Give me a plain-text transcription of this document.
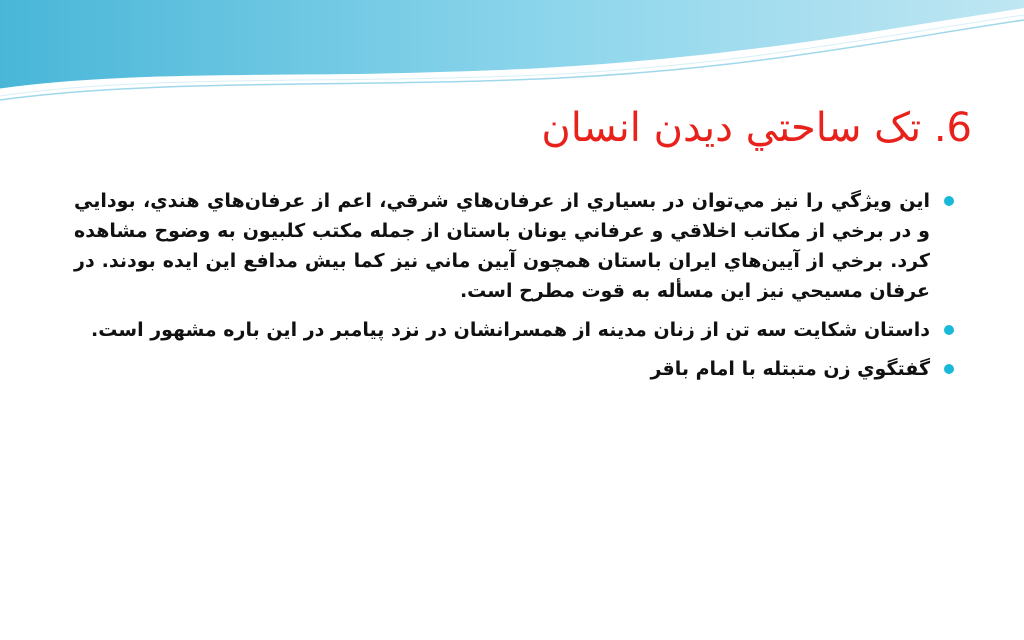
6. تک ساحتي ديدن انسان
اين ويژگي را نيز مي‌توان در بسياري از عرفان‌هاي شرقي، اعم از عرفان‌هاي هندي، بودايي و در برخي از مكاتب اخلاقي و عرفاني يونان باستان از جمله مكتب كلبيون به وضوح مشاهده كرد. برخي از آيين‌هاي ايران باستان همچون آيين ماني نيز كما بيش مدافع اين ايده بودند. در عرفان مسيحي نيز اين مسأله به قوت مطرح است.
داستان شكايت سه تن از زنان مدينه از همسرانشان در نزد پيامبر در اين باره مشهور است.
گفتگوي زن متبتله با امام باقر
